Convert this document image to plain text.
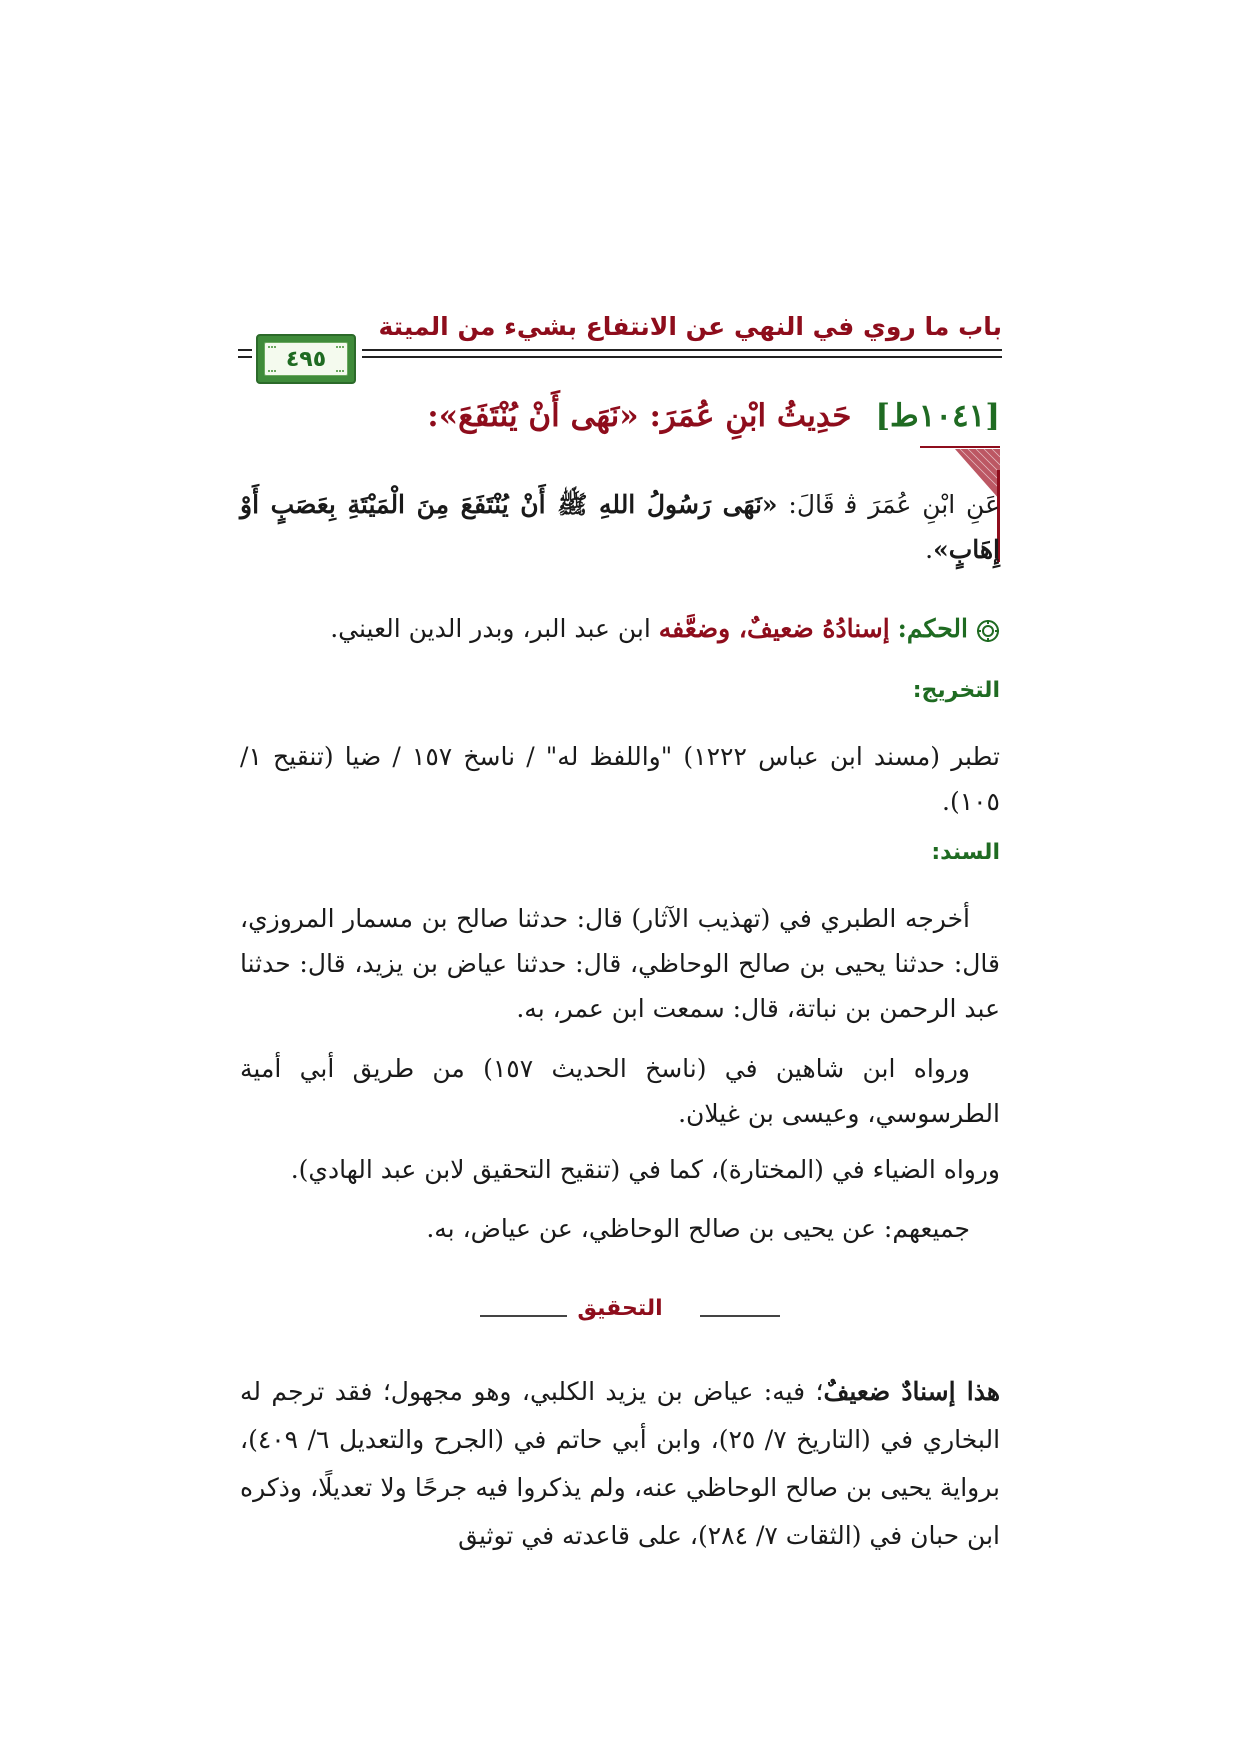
باب ما روي في النهي عن الانتفاع بشيء من الميتة
٤٩٥
[١٠٤١ط]حَدِيثُ ابْنِ عُمَرَ: «نَهَى أَنْ يُنْتَفَعَ»:

عَنِ ابْنِ عُمَرَ ﭬ قَالَ: «نَهَى رَسُولُ اللهِ ﷺ أَنْ يُنْتَفَعَ مِنَ الْمَيْتَةِ بِعَصَبٍ أَوْ إِهَابٍ».

الحكم: إسنادُهُ ضعيفٌ، وضعَّفه ابن عبد البر، وبدر الدين العيني.

التخريج:

تطبر (مسند ابن عباس ١٢٢٢) "واللفظ له" / ناسخ ١٥٧ / ضيا (تنقيح ١/ ١٠٥).

السند:

أخرجه الطبري في (تهذيب الآثار) قال: حدثنا صالح بن مسمار المروزي، قال: حدثنا يحيى بن صالح الوحاظي، قال: حدثنا عياض بن يزيد، قال: حدثنا عبد الرحمن بن نباتة، قال: سمعت ابن عمر، به.

ورواه ابن شاهين في (ناسخ الحديث ١٥٧) من طريق أبي أمية الطرسوسي، وعيسى بن غيلان.

ورواه الضياء في (المختارة)، كما في (تنقيح التحقيق لابن عبد الهادي).

جميعهم: عن يحيى بن صالح الوحاظي، عن عياض، به.

التحقيق

هذا إسنادٌ ضعيفٌ؛ فيه: عياض بن يزيد الكلبي، وهو مجهول؛ فقد ترجم له البخاري في (التاريخ ٧/ ٢٥)، وابن أبي حاتم في (الجرح والتعديل ٦/ ٤٠٩)، برواية يحيى بن صالح الوحاظي عنه، ولم يذكروا فيه جرحًا ولا تعديلًا، وذكره ابن حبان في (الثقات ٧/ ٢٨٤)، على قاعدته في توثيق
